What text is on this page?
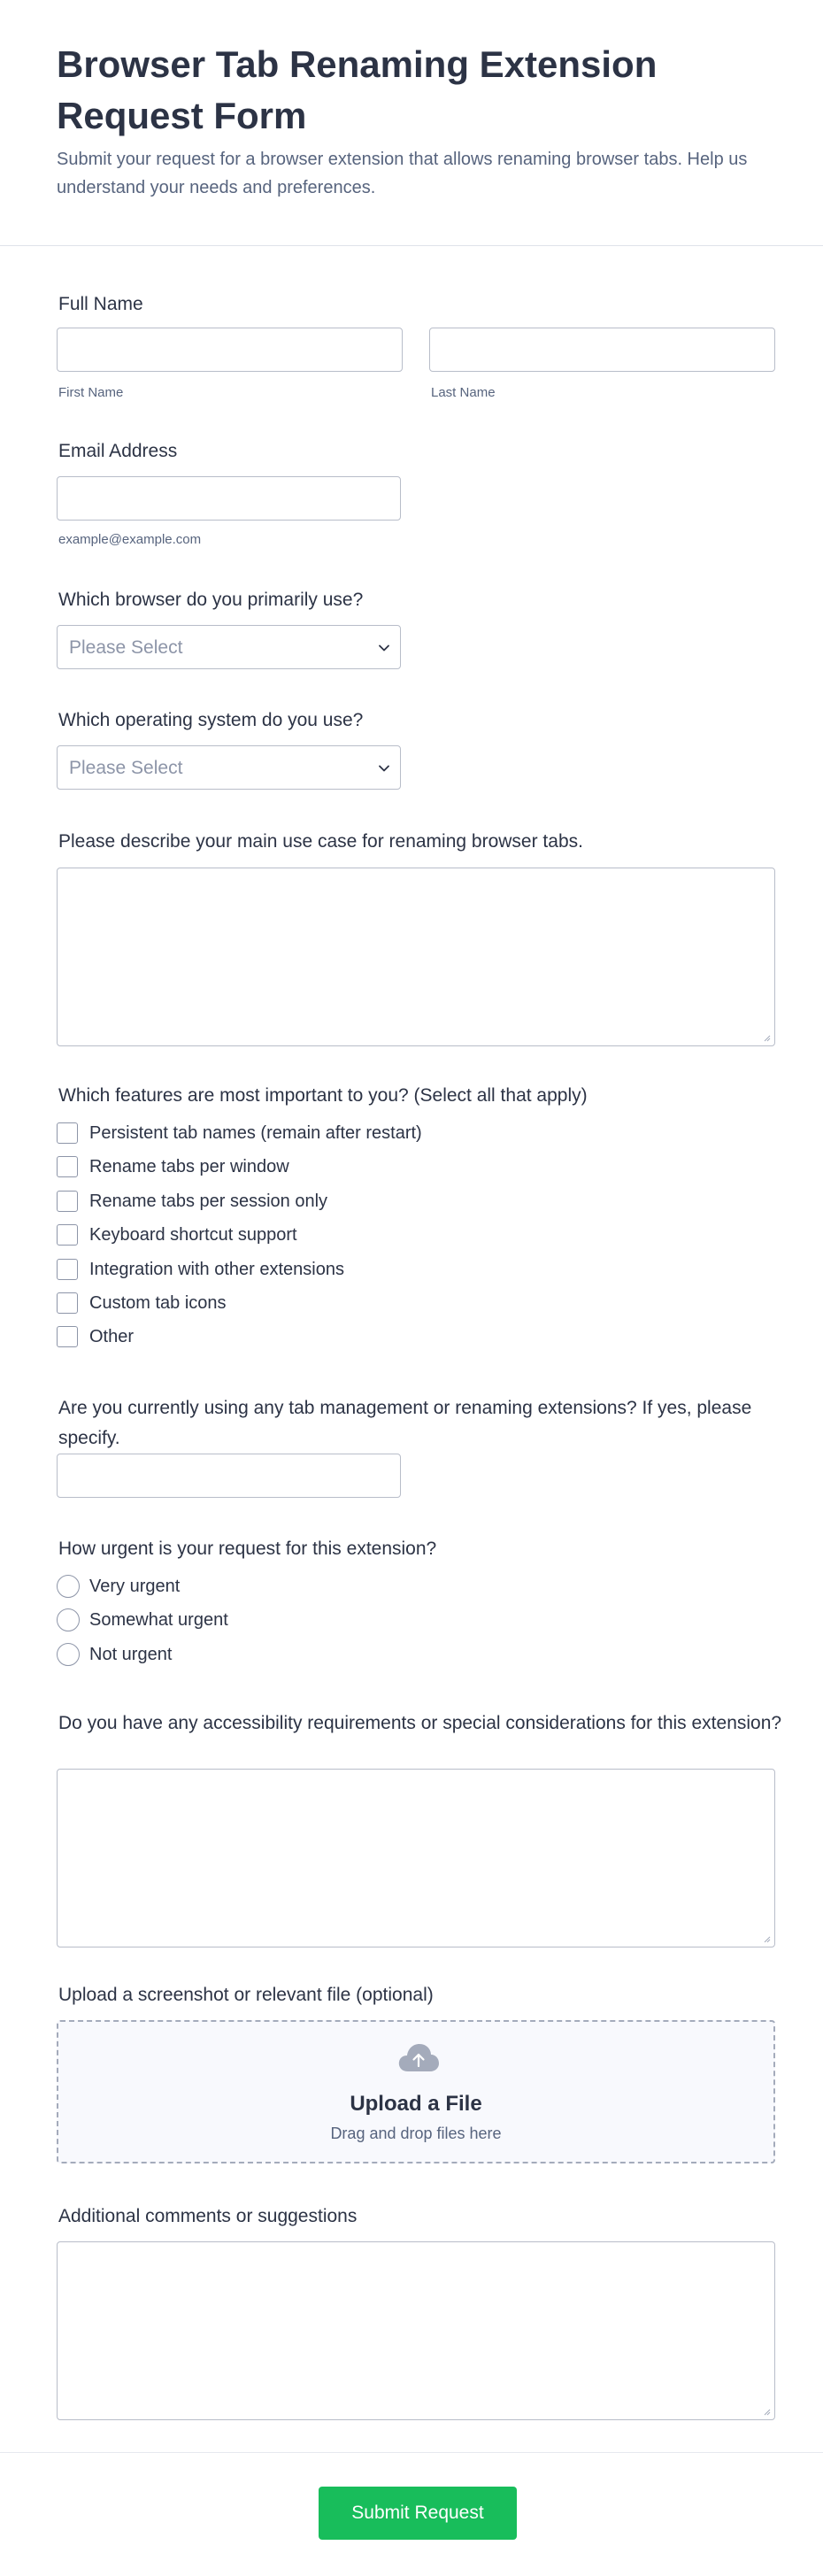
Browser Tab Renaming Extension Request Form

Submit your request for a browser extension that allows renaming browser tabs. Help us understand your needs and preferences.

Full Name
First Name	Last Name
Email Address
example@example.com
Which browser do you primarily use?
Please Select
Which operating system do you use?
Please Select
Please describe your main use case for renaming browser tabs.
Which features are most important to you? (Select all that apply)
Persistent tab names (remain after restart)
Rename tabs per window
Rename tabs per session only
Keyboard shortcut support
Integration with other extensions
Custom tab icons
Other
Are you currently using any tab management or renaming extensions? If yes, please specify.
How urgent is your request for this extension?
Very urgent
Somewhat urgent
Not urgent
Do you have any accessibility requirements or special considerations for this extension?
Upload a screenshot or relevant file (optional)
Upload a File
Drag and drop files here
Additional comments or suggestions
Submit Request
